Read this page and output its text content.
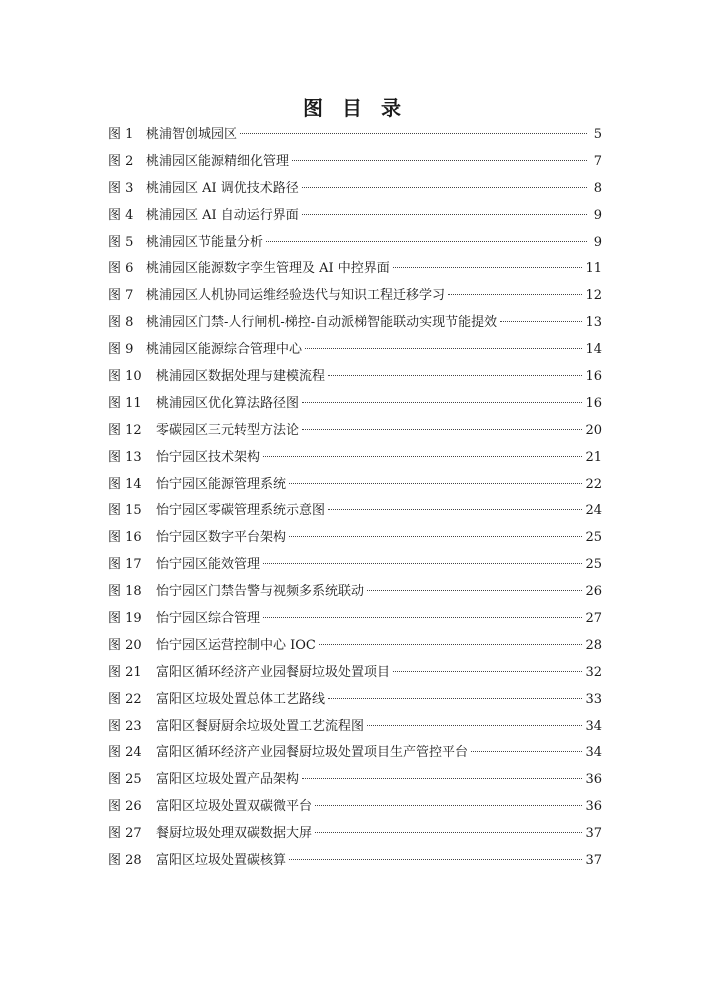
图 目 录
图 1 桃浦智创城园区	5
图 2 桃浦园区能源精细化管理	7
图 3 桃浦园区 AI 调优技术路径	8
图 4 桃浦园区 AI 自动运行界面	9
图 5 桃浦园区节能量分析	9
图 6 桃浦园区能源数字孪生管理及 AI 中控界面	11
图 7 桃浦园区人机协同运维经验迭代与知识工程迁移学习	12
图 8 桃浦园区门禁-人行闸机-梯控-自动派梯智能联动实现节能提效	13
图 9 桃浦园区能源综合管理中心	14
图 10	桃浦园区数据处理与建模流程	16
图 11	桃浦园区优化算法路径图	16
图 12	零碳园区三元转型方法论	20
图 13	怡宁园区技术架构	21
图 14	怡宁园区能源管理系统	22
图 15	怡宁园区零碳管理系统示意图	24
图 16	怡宁园区数字平台架构	25
图 17	怡宁园区能效管理	25
图 18	怡宁园区门禁告警与视频多系统联动	26
图 19	怡宁园区综合管理	27
图 20	怡宁园区运营控制中心 IOC	28
图 21	富阳区循环经济产业园餐厨垃圾处置项目	32
图 22	富阳区垃圾处置总体工艺路线	33
图 23	富阳区餐厨厨余垃圾处置工艺流程图	34
图 24	富阳区循环经济产业园餐厨垃圾处置项目生产管控平台	34
图 25	富阳区垃圾处置产品架构	36
图 26	富阳区垃圾处置双碳微平台	36
图 27	餐厨垃圾处理双碳数据大屏	37
图 28	富阳区垃圾处置碳核算	37
